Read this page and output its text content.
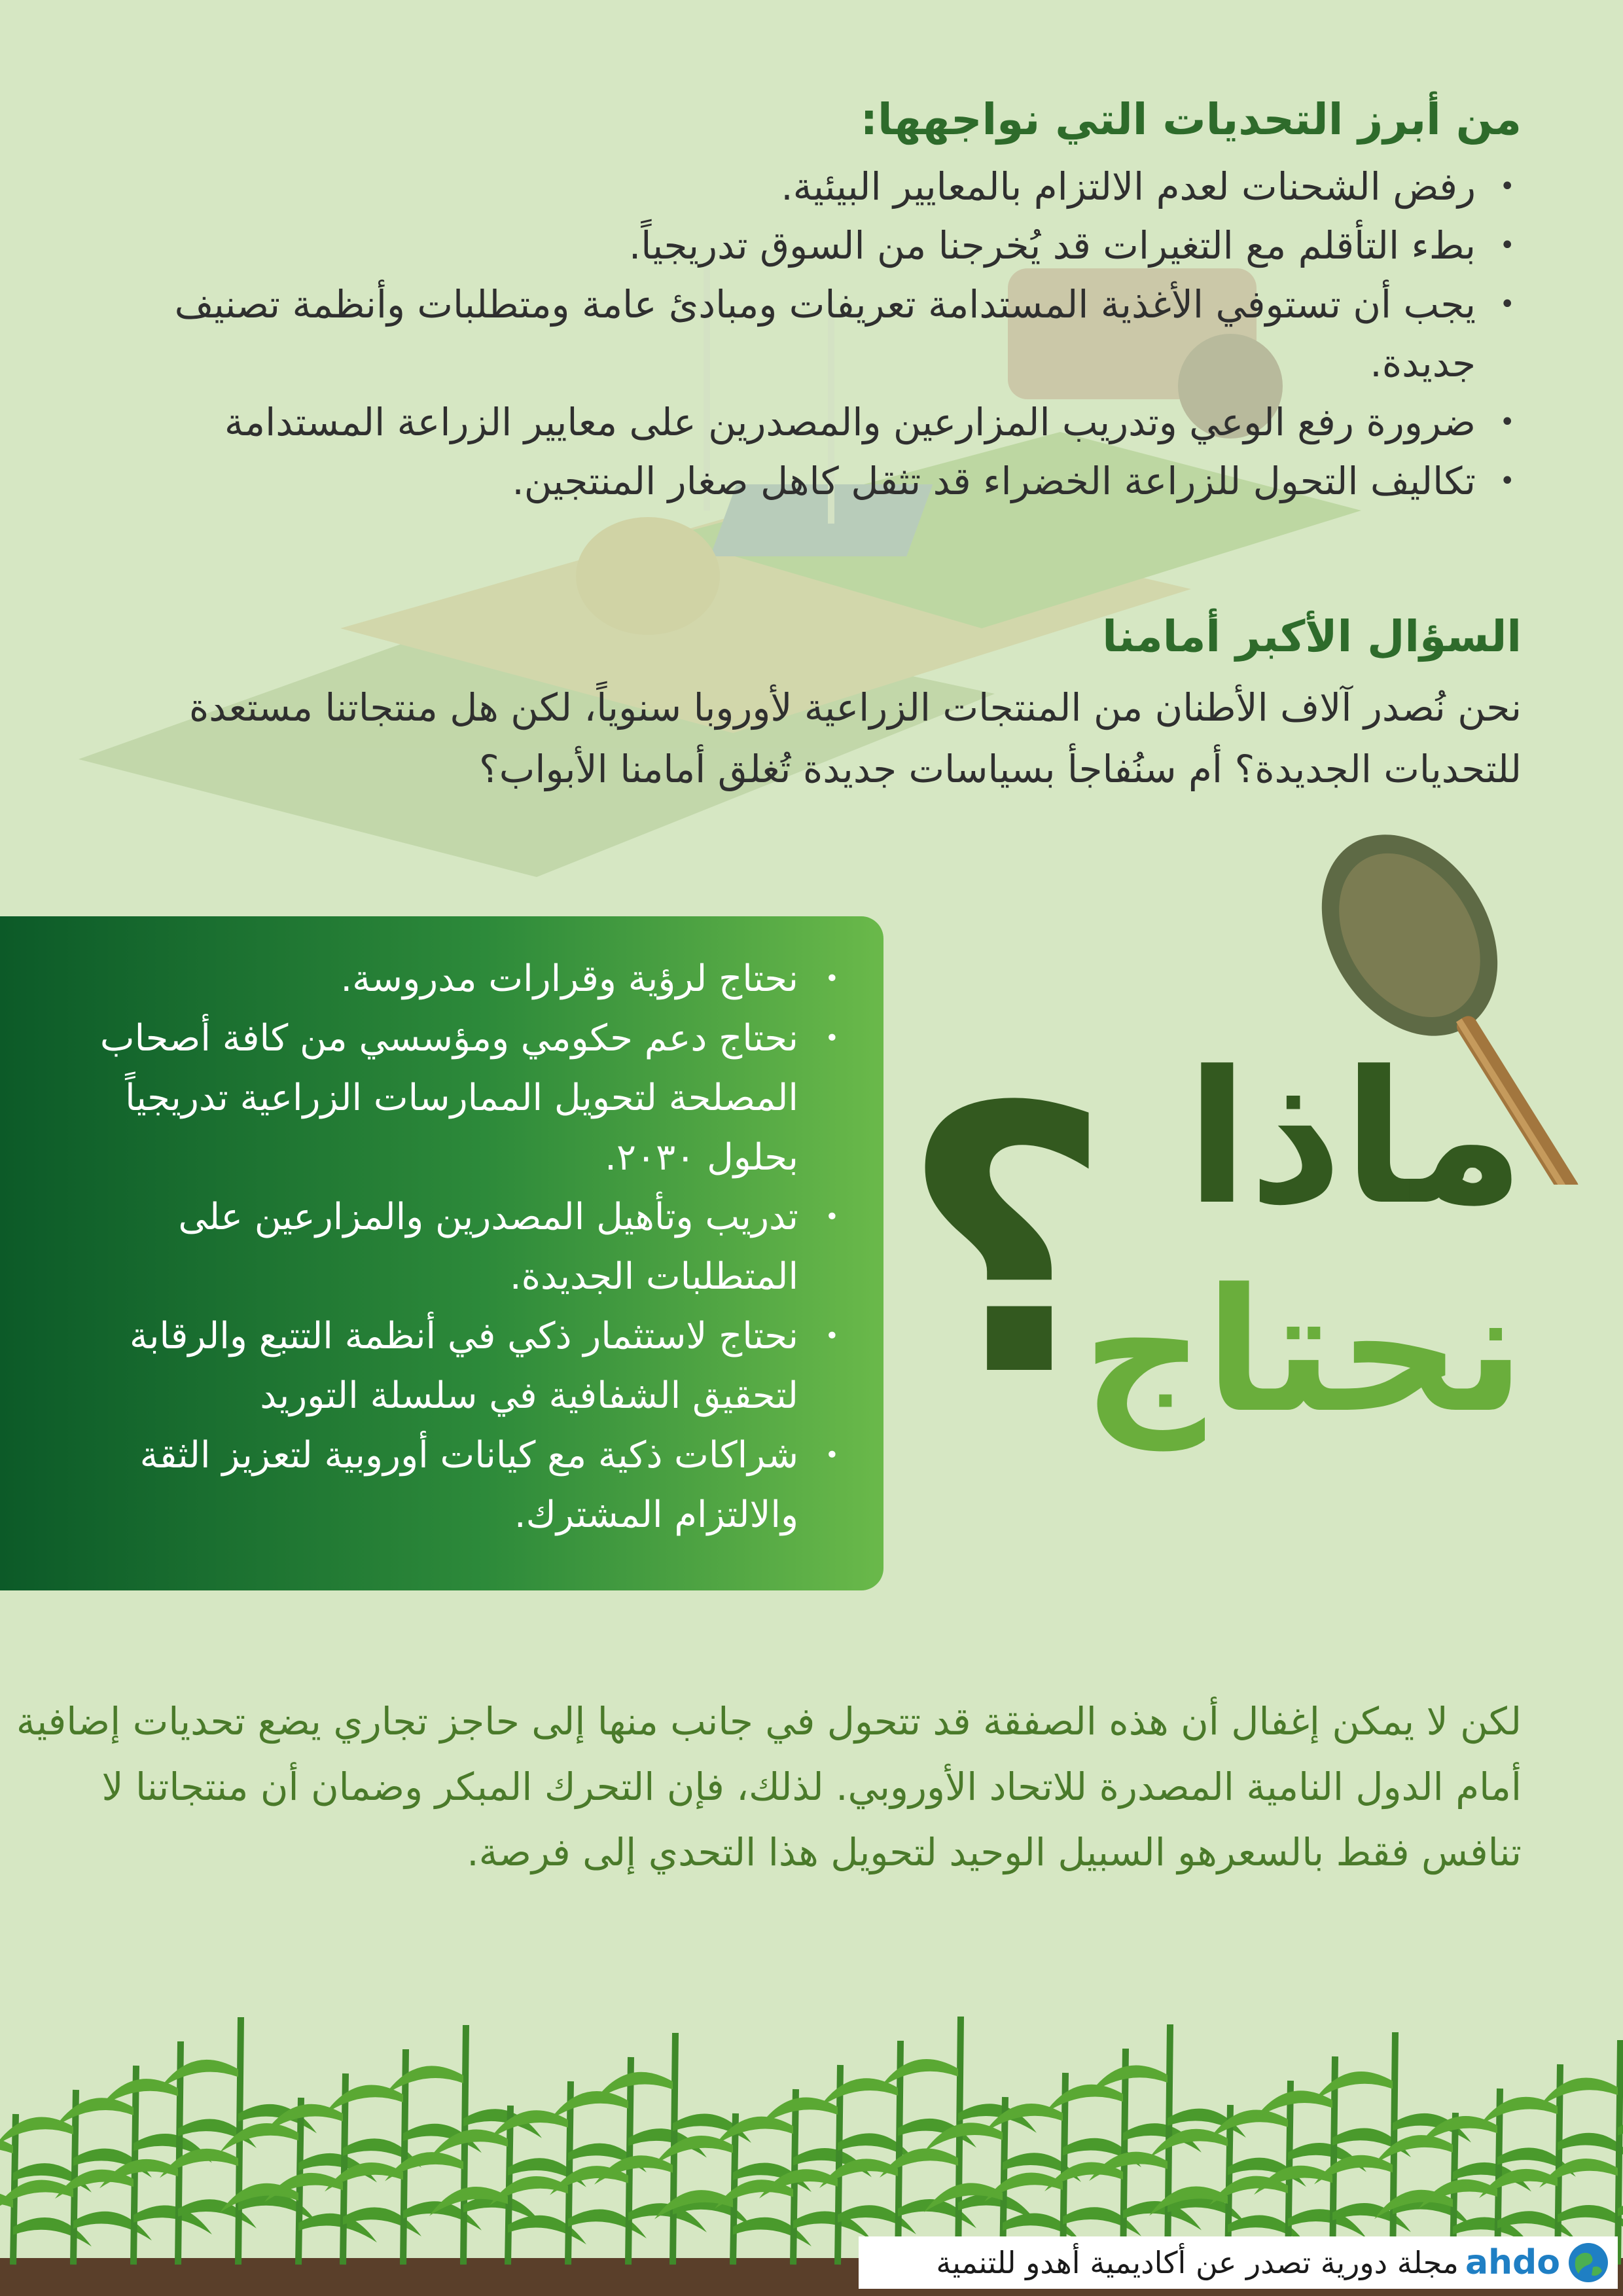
من أبرز التحديات التي نواجهها:
•
رفض الشحنات لعدم الالتزام بالمعايير البيئية.
•
بطء التأقلم مع التغيرات قد يُخرجنا من السوق تدريجياً.
•
يجب أن تستوفي الأغذية المستدامة تعريفات ومبادئ عامة ومتطلبات وأنظمة تصنيف جديدة.
•
ضرورة رفع الوعي وتدريب المزارعين والمصدرين على معايير الزراعة المستدامة
•
تكاليف التحول للزراعة الخضراء قد تثقل كاهل صغار المنتجين.
السؤال الأكبر أمامنا

نحن نُصدر آلاف الأطنان من المنتجات الزراعية لأوروبا سنوياً، لكن هل منتجاتنا مستعدة للتحديات الجديدة؟ أم سنُفاجأ بسياسات جديدة تُغلق أمامنا الأبواب؟

ماذا
نحتاج
؟
•
نحتاج لرؤية وقرارات مدروسة.
•
نحتاج دعم حكومي ومؤسسي من كافة أصحاب المصلحة لتحويل الممارسات الزراعية تدريجياً بحلول ٢٠٣٠.
•
تدريب وتأهيل المصدرين والمزارعين على المتطلبات الجديدة.
•
نحتاج لاستثمار ذكي في أنظمة التتبع والرقابة لتحقيق الشفافية في سلسلة التوريد
•
شراكات ذكية مع كيانات أوروبية لتعزيز الثقة والالتزام المشترك.

لكن لا يمكن إغفال أن هذه الصفقة قد تتحول في جانب منها إلى حاجز تجاري يضع تحديات إضافية أمام الدول النامية المصدرة للاتحاد الأوروبي. لذلك، فإن التحرك المبكر وضمان أن منتجاتنا لا تنافس فقط بالسعرهو السبيل الوحيد لتحويل هذا التحدي إلى فرصة.

ahdo
مجلة دورية تصدر عن أكاديمية أهدو للتنمية
